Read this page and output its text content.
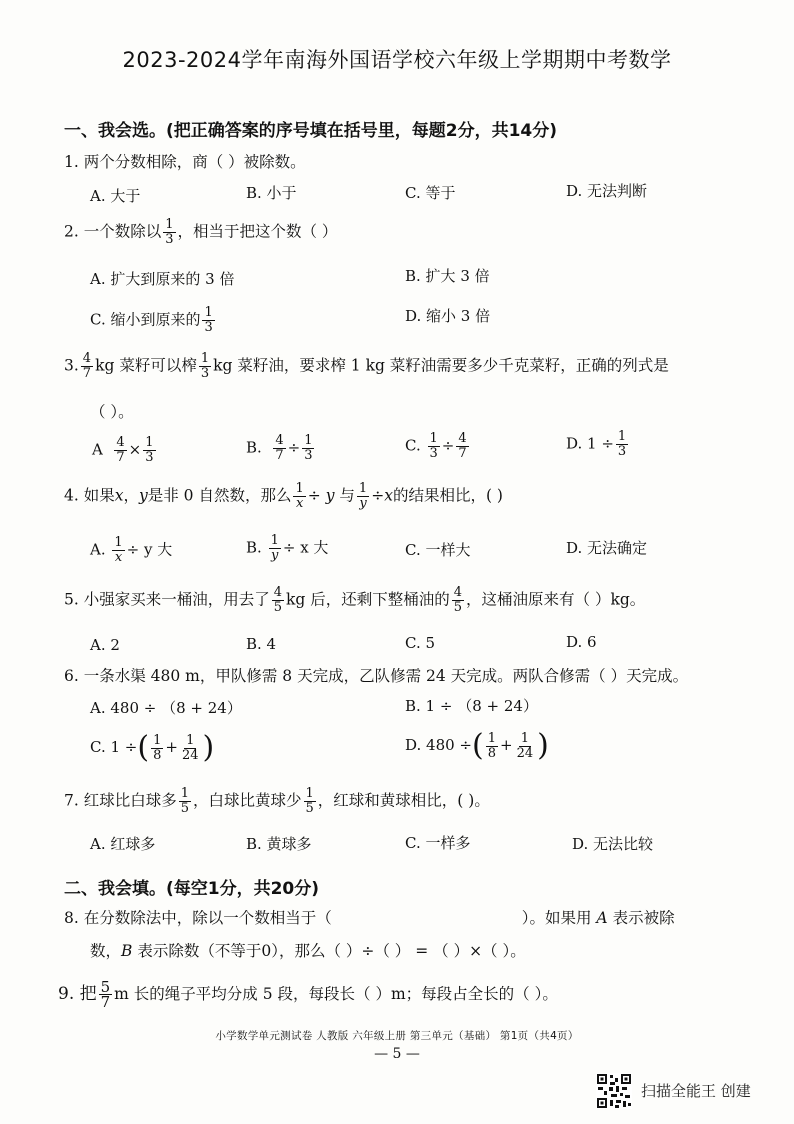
2023-2024学年南海外国语学校六年级上学期期中考数学
一、我会选。(把正确答案的序号填在括号里，每题2分，共14分)
1. 两个分数相除，商（ ）被除数。
A. 大于	B. 小于	C. 等于	D. 无法判断
2. 一个数除以 $\frac{1}{3}$ ，相当于把这个数（ ）
A. 扩大到原来的 3 倍	B. 扩大 3 倍
C. 缩小到原来的 $\frac{1}{3}$	D. 缩小 3 倍
3. $\frac{4}{7}$ kg 菜籽可以榨 $\frac{1}{3}$ kg 菜籽油，要求榨 1 kg 菜籽油需要多少千克菜籽，正确的列式是
（ ）。
A $\frac{4}{7} \times \frac{1}{3}$	B. $\frac{4}{7} \div \frac{1}{3}$	C. $\frac{1}{3} \div \frac{4}{7}$	D. $1 \div \frac{1}{3}$
4. 如果x，y是非 0 自然数，那么 $\frac{1}{x} \div y$ 与 $\frac{1}{y} \div x$的结果相比，( )
A. $\frac{1}{x} \div y$ 大	B. $\frac{1}{y} \div x$ 大	C. 一样大	D. 无法确定
5. 小强家买来一桶油，用去了 $\frac{4}{5}$ kg 后，还剩下整桶油的 $\frac{4}{5}$ ，这桶油原来有（ ）kg。
A. 2	B. 4	C. 5	D. 6
6. 一条水渠 480 m，甲队修需 8 天完成，乙队修需 24 天完成。两队合修需（ ）天完成。
A. 480 ÷ （8 + 24）	B. 1 ÷ （8 + 24）
C. 1 ÷( $\frac{1}{8} + \frac{1}{24}$ )	D. 480 ÷( $\frac{1}{8} + \frac{1}{24}$ )
7. 红球比白球多 $\frac{1}{5}$ ，白球比黄球少 $\frac{1}{5}$ ，红球和黄球相比，( )。
A. 红球多	B. 黄球多	C. 一样多	D. 无法比较
二、我会填。(每空1分，共20分)
8. 在分数除法中，除以一个数相当于（	）。如果用 A 表示被除
数，B 表示除数（不等于0），那么（ ）÷（ ） = （ ）×（ ）。
9. 把 $\frac{5}{7}$ m 长的绳子平均分成 5 段，每段长（ ）m；每段占全长的（ ）。
小学数学单元测试卷 人教版 六年级上册 第三单元（基础） 第1页（共4页）
— 5 —
扫描全能王 创建
